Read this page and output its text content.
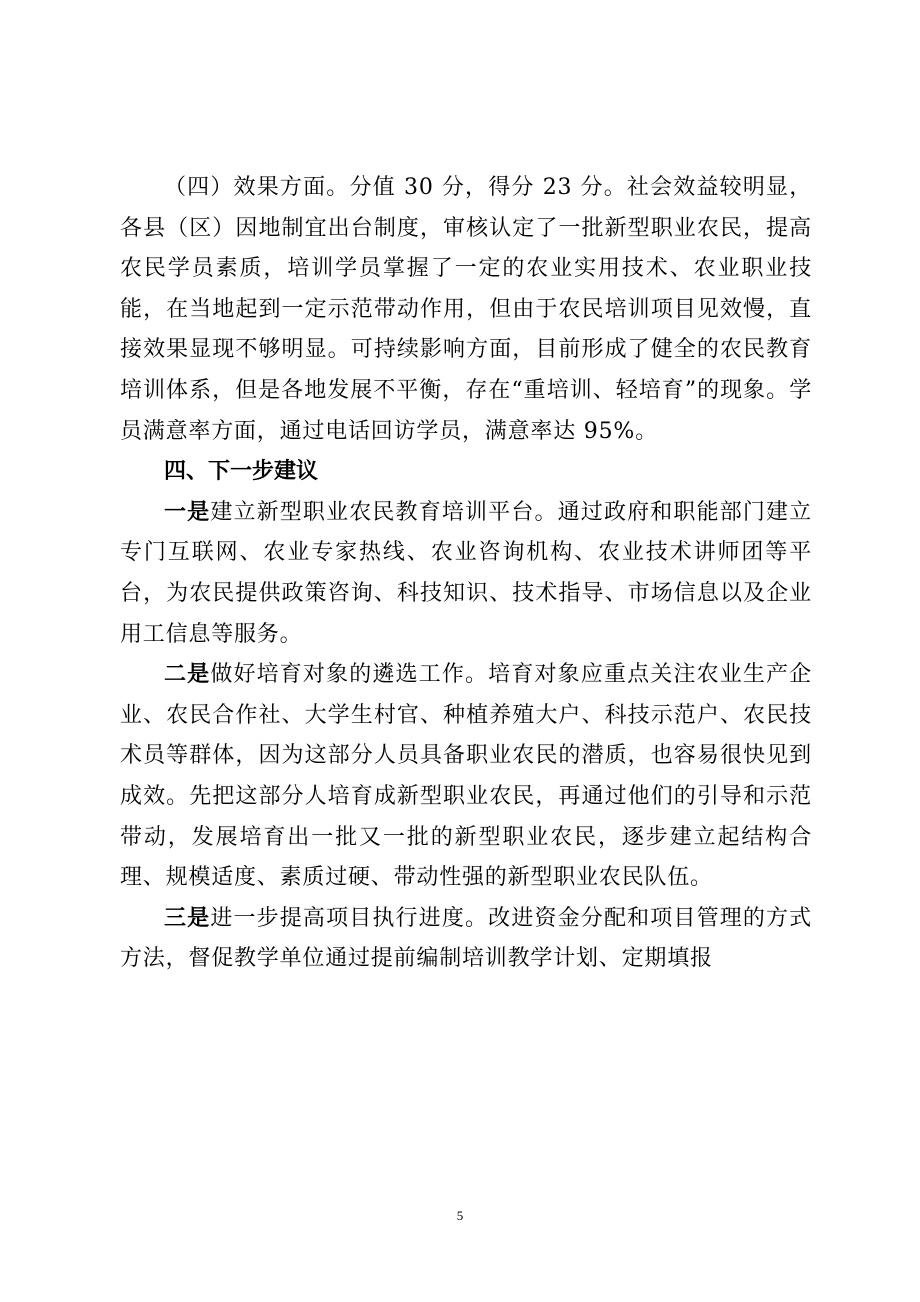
（四）效果方面。分值 30 分，得分 23 分。社会效益较明显，各县（区）因地制宜出台制度，审核认定了一批新型职业农民，提高农民学员素质，培训学员掌握了一定的农业实用技术、农业职业技能，在当地起到一定示范带动作用，但由于农民培训项目见效慢，直接效果显现不够明显。可持续影响方面，目前形成了健全的农民教育培训体系，但是各地发展不平衡，存在“重培训、轻培育”的现象。学员满意率方面，通过电话回访学员，满意率达 95%。

四、下一步建议

一是建立新型职业农民教育培训平台。通过政府和职能部门建立专门互联网、农业专家热线、农业咨询机构、农业技术讲师团等平台，为农民提供政策咨询、科技知识、技术指导、市场信息以及企业用工信息等服务。

二是做好培育对象的遴选工作。培育对象应重点关注农业生产企业、农民合作社、大学生村官、种植养殖大户、科技示范户、农民技术员等群体，因为这部分人员具备职业农民的潜质，也容易很快见到成效。先把这部分人培育成新型职业农民，再通过他们的引导和示范带动，发展培育出一批又一批的新型职业农民，逐步建立起结构合理、规模适度、素质过硬、带动性强的新型职业农民队伍。

三是进一步提高项目执行进度。改进资金分配和项目管理的方式方法，督促教学单位通过提前编制培训教学计划、定期填报

5
